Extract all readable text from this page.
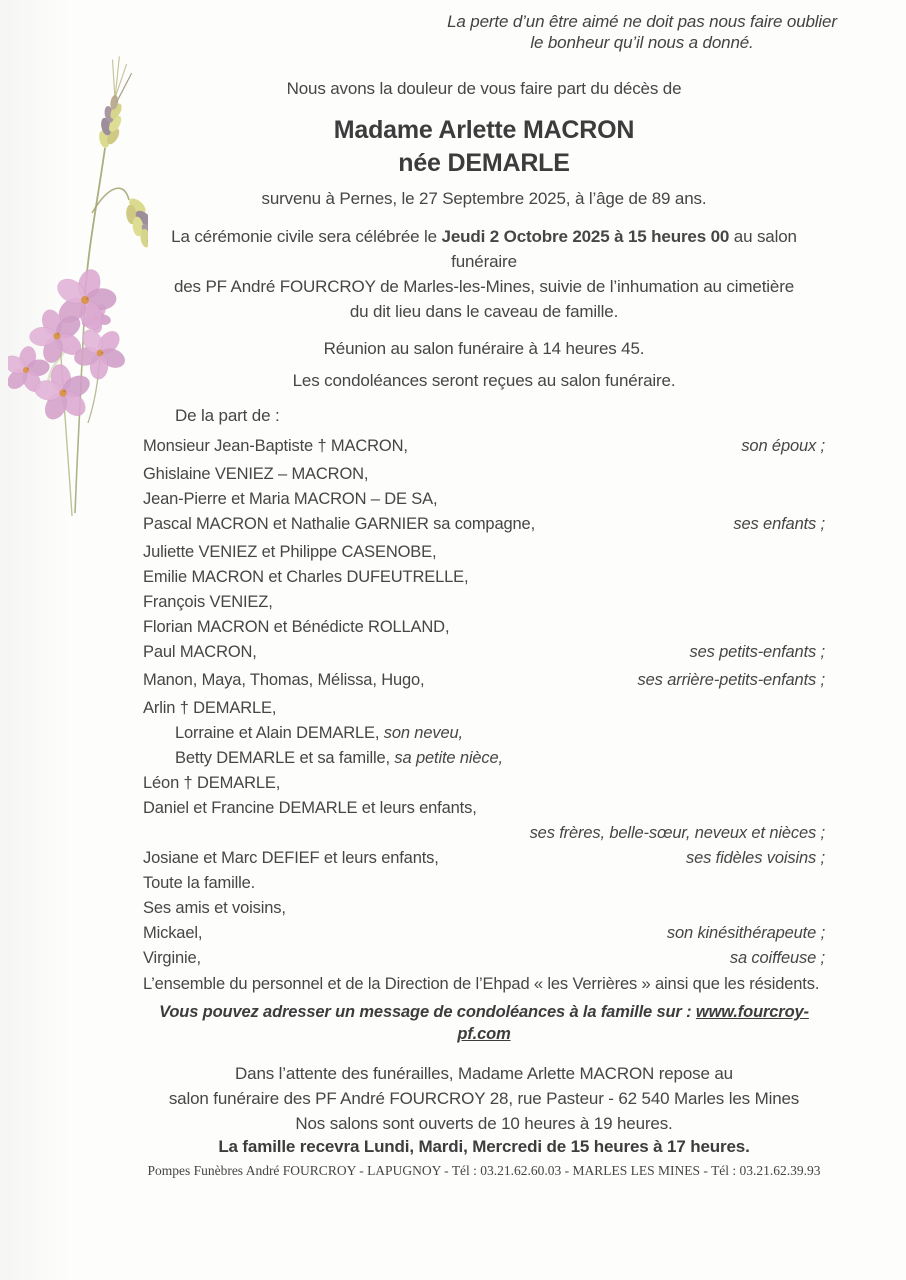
La perte d’un être aimé ne doit pas nous faire oublier
le bonheur qu’il nous a donné.
Nous avons la douleur de vous faire part du décès de
Madame Arlette MACRON
née DEMARLE
survenu à Pernes, le 27 Septembre 2025, à l’âge de 89 ans.
La cérémonie civile sera célébrée le Jeudi 2 Octobre 2025 à 15 heures 00 au salon funéraire
des PF André FOURCROY de Marles-les-Mines, suivie de l’inhumation au cimetière
du dit lieu dans le caveau de famille.
Réunion au salon funéraire à 14 heures 45.
Les condoléances seront reçues au salon funéraire.
De la part de :
Monsieur Jean-Baptiste † MACRON,	son époux ;
Ghislaine VENIEZ – MACRON,
Jean-Pierre et Maria MACRON – DE SA,
Pascal MACRON et Nathalie GARNIER sa compagne,	ses enfants ;
Juliette VENIEZ et Philippe CASENOBE,
Emilie MACRON et Charles DUFEUTRELLE,
François VENIEZ,
Florian MACRON et Bénédicte ROLLAND,
Paul MACRON,	ses petits-enfants ;
Manon, Maya, Thomas, Mélissa, Hugo,	ses arrière-petits-enfants ;
Arlin † DEMARLE,
Lorraine et Alain DEMARLE, son neveu,
Betty DEMARLE et sa famille, sa petite nièce,
Léon † DEMARLE,
Daniel et Francine DEMARLE et leurs enfants,
ses frères, belle-sœur, neveux et nièces ;
Josiane et Marc DEFIEF et leurs enfants,	ses fidèles voisins ;
Toute la famille.
Ses amis et voisins,
Mickael,	son kinésithérapeute ;
Virginie,	sa coiffeuse ;
L’ensemble du personnel et de la Direction de l’Ehpad « les Verrières » ainsi que les résidents.
Vous pouvez adresser un message de condoléances à la famille sur : www.fourcroy-pf.com
Dans l’attente des funérailles, Madame Arlette MACRON repose au
salon funéraire des PF André FOURCROY 28, rue Pasteur - 62 540 Marles les Mines
Nos salons sont ouverts de 10 heures à 19 heures.
La famille recevra Lundi, Mardi, Mercredi de 15 heures à 17 heures.
Pompes Funèbres André FOURCROY - LAPUGNOY - Tél : 03.21.62.60.03 - MARLES LES MINES - Tél : 03.21.62.39.93
